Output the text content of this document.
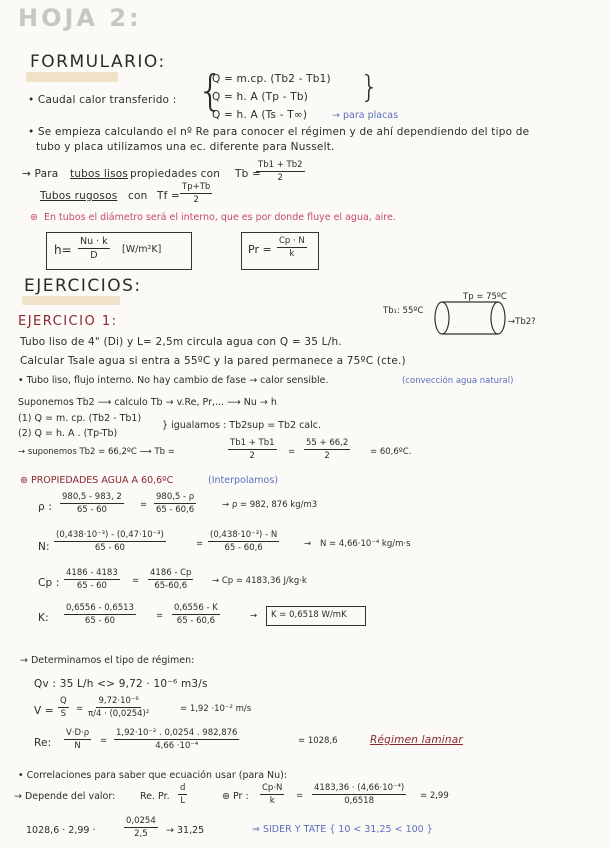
HOJA 2:
FORMULARIO:
• Caudal calor transferido : {
Q = m.cp. (Tb2 - Tb1)
Q = h. A (Tp - Tb)
Q = h. A (Ts - T∞)	→ para placas
}
• Se empieza calculando el nº Re para conocer el régimen y de ahí dependiendo del tipo de
tubo y placa utilizamos una ec. diferente para Nusselt.
→ Para tubos lisos propiedades con Tb =
$\frac{Tb1 + Tb2}{2}$
Tubos rugosos con $Tf = \frac{Tp+Tb}{2}$
⊛ En tubos el diámetro será el interno, que es por donde fluye el agua, aire.
$h= \frac{Nu \cdot k}{D} [W/m^2K]$	$Pr = \frac{Cp \cdot N}{k}$
EJERCICIOS:
EJERCICIO 1:
Tb₁: 55ºC
Tp = 75ºC
→Tb2?
Tubo liso de 4" (Di) y L= 2,5m circula agua con Q = 35 L/h.
Calcular Tsale agua si entra a 55ºC y la pared permanece a 75ºC (cte.)
• Tubo liso, flujo interno. No hay cambio de fase → calor sensible.	(convección agua natural)
Suponemos Tb2 ⟶ calculo Tb → v.Re, Pr,... ⟶ Nu → h
(1) Q = m. cp. (Tb2 - Tb1)
(2) Q = h. A . (Tp-Tb)
} igualamos : Tb2sup = Tb2 calc.
→ suponemos Tb2 = 66,2ºC ⟶ Tb =	$\frac{Tb1 + Tb1}{2} = \frac{55 + 66,2}{2}$ = 60,6ºC.
⊛ PROPIEDADES AGUA A 60,6ºC	(Interpolamos)
ρ : $\frac{980,5 - 983, 2}{65 - 60} = \frac{980,5 - \rho}{65 - 60,6}$	→ ρ = 982, 876 kg/m3
N: $\frac{\text{(0,438·10⁻³) - (0,47·10⁻³)}}{65 - 60}$	= $\frac{\text{(0,438·10⁻³) - N}}{65 - 60,6}$	→ N = 4,66·10⁻⁴ kg/m·s
Cp : $\frac{4186 - 4183}{65 - 60} = \frac{4186 - Cp}{65-60,6} \to Cp = 4183,36$ J/kg·k
K: $\frac{0,6556 - 0,6513}{65 - 60} = \frac{0,6556 - K}{65 - 60,6}$	→ K = 0,6518 W/mK
→ Determinamos el tipo de régimen:
Qv : 35 L/h <> 9,72 · 10⁻⁶ m3/s
$V = \frac{Q}{S} = \frac{\text{9,72·10⁻⁶}}{\text{π/4 · (0,0254)²}}$	= 1,92 ·10⁻² m/s
Re: $\frac{V\cdot D\cdot\rho}{N} = \frac{\text{1,92·10⁻² . 0,0254 . 982,876}}{\text{4,66 ·10⁻⁴}}$	= 1028,6	Régimen laminar
• Correlaciones para saber que ecuación usar (para Nu):
→ Depende del valor:	Re. Pr. $\frac{d}{L}$	⊛ Pr : $\frac{Cp\cdot N}{k} = \frac{\text{4183,36 · (4,66·10⁻⁴)}}{0,6518} = 2,99$
1028,6 · 2,99 ·	$\frac{0,0254}{2,5} \to 31,25$	⇒ SIDER Y TATE { 10 < 31,25 < 100 }
